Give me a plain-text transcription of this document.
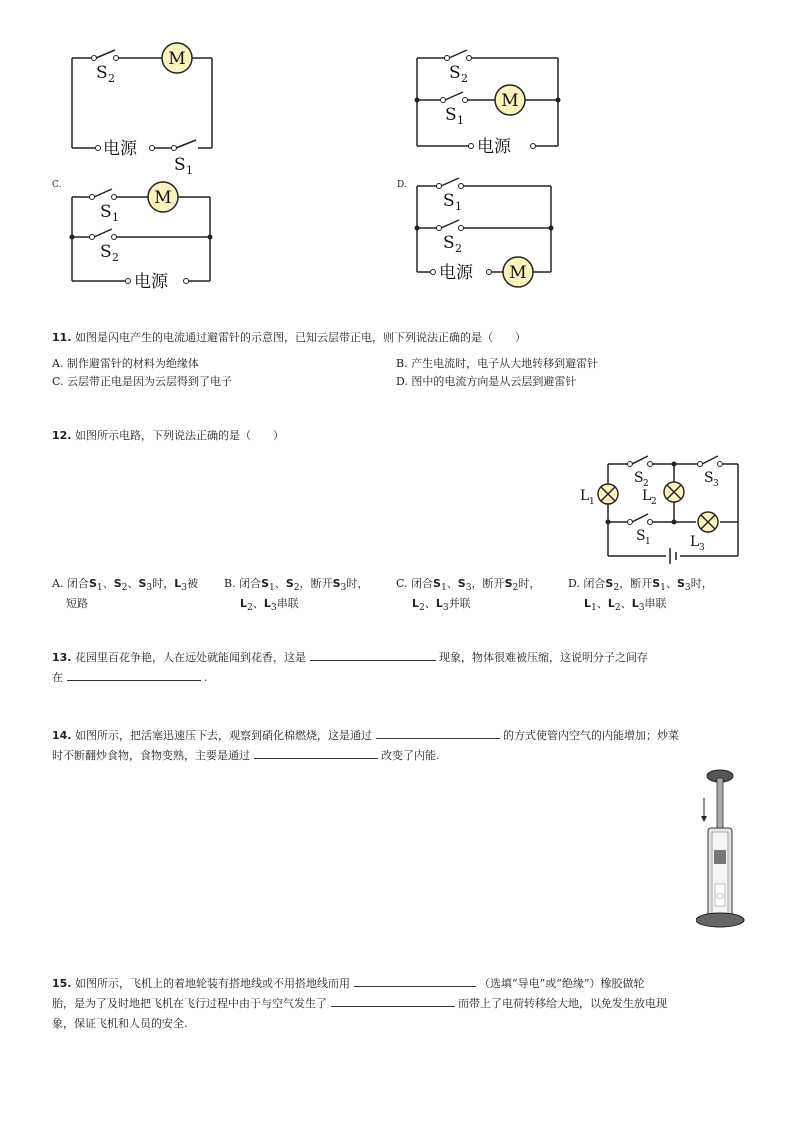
M
S 2
电源
S 1
M
S 2
S 1
电源
C.
M
S 1
S 2
电源
D.
S 1
S 2
电源 M
11. 如图是闪电产生的电流通过避雷针的示意图，已知云层带正电，则下列说法正确的是（　　）
A. 制作避雷针的材料为绝缘体	B. 产生电流时，电子从大地转移到避雷针
C. 云层带正电是因为云层得到了电子	D. 图中的电流方向是从云层到避雷针
12. 如图所示电路，下列说法正确的是（　　）
L 1	L 2
L 3
S 2	S 3
S 1
A. 闭合$S_1$、$S_2$、$S_3$时，$L_3$被
短路
B. 闭合$S_1$、$S_2$，断开$S_3$时，
$L_2$、$L_3$串联
C. 闭合$S_1$、$S_3$，断开$S_2$时，
$L_2$、$L_3$并联
D. 闭合$S_2$，断开$S_1$、$S_3$时，
$L_1$、$L_2$、$L_3$串联
13. 花园里百花争艳，人在远处就能闻到花香，这是	现象，物体很难被压缩，这说明分子之间存
在	.
14. 如图所示，把活塞迅速压下去，观察到硝化棉燃烧，这是通过	的方式使管内空气的内能增加；炒菜
时不断翻炒食物，食物变熟，主要是通过	改变了内能.
15. 如图所示，飞机上的着地轮装有搭地线或不用搭地线而用	（选填“导电”或“绝缘”）橡胶做轮
胎，是为了及时地把飞机在飞行过程中由于与空气发生了	而带上了电荷转移给大地，以免发生放电现
象，保证飞机和人员的安全.
